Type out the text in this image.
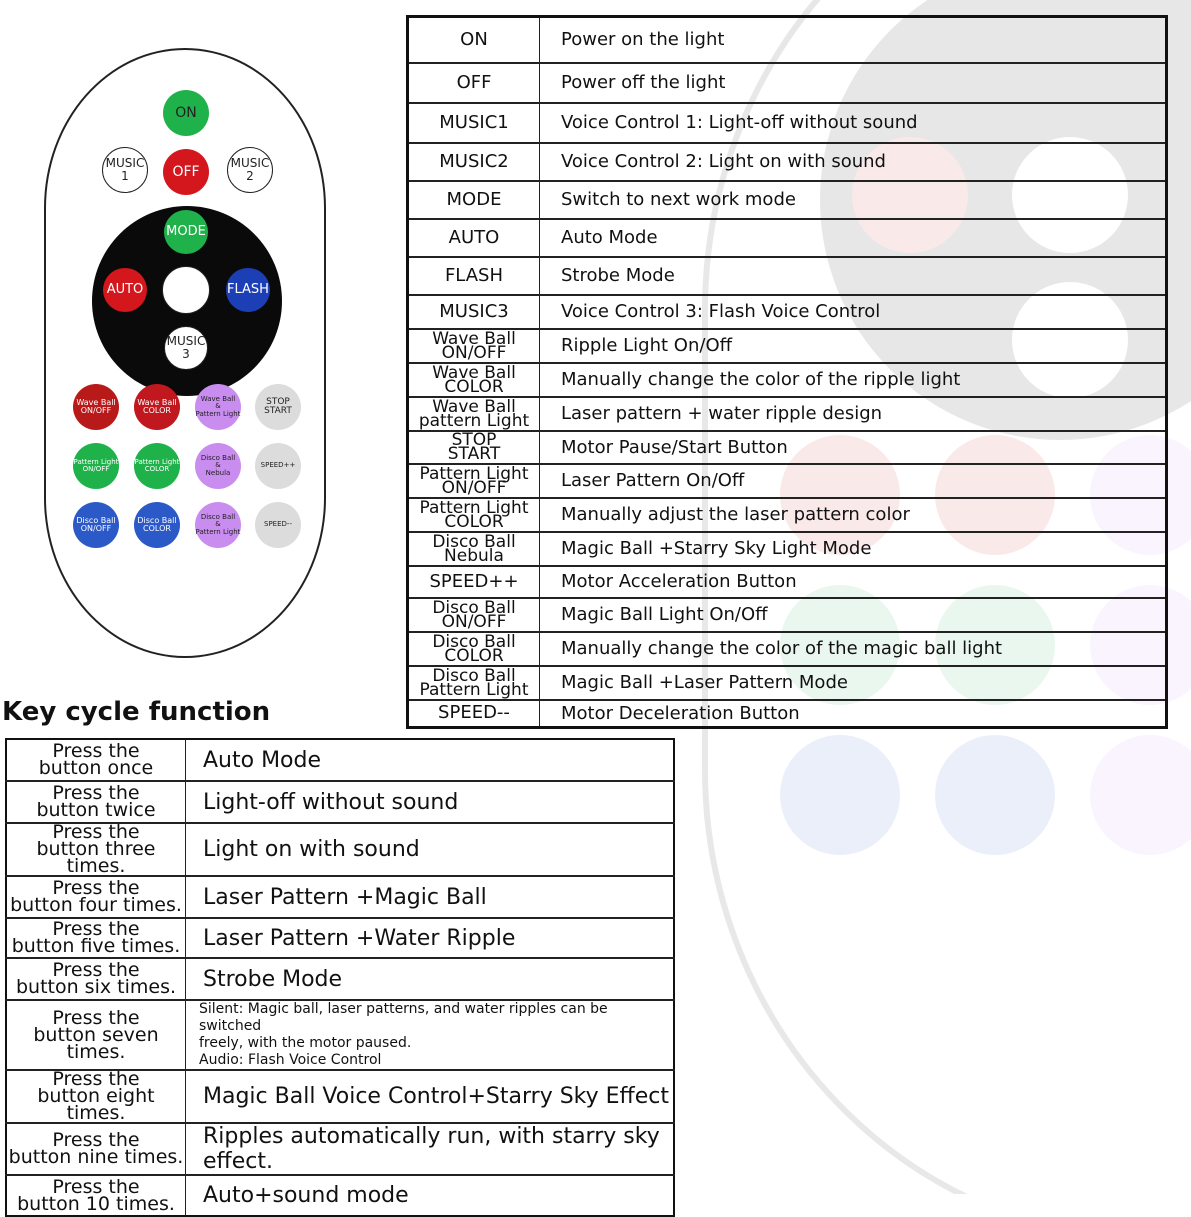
ON
OFF
MUSIC
1
MUSIC
2
MODE
AUTO	FLASH
MUSIC
3
Wave Ball
ON/OFF
Wave Ball
COLOR
Wave Ball
&
Pattern Light
STOP
START
Pattern Light
ON/OFF
Pattern Light
COLOR
Disco Ball
&
Nebula
SPEED++
Disco Ball
ON/OFF
Disco Ball
COLOR
Disco Ball
&
Pattern Light
SPEED--
ON	Power on the light
OFF	Power off the light
MUSIC1	Voice Control 1: Light-off without sound
MUSIC2	Voice Control 2: Light on with sound
MODE	Switch to next work mode
AUTO	Auto Mode
FLASH	Strobe Mode
MUSIC3	Voice Control 3: Flash Voice Control
Wave Ball
ON/OFF	Ripple Light On/Off
Wave Ball
COLOR	Manually change the color of the ripple light
Wave Ball
pattern Light	Laser pattern + water ripple design
STOP
START	Motor Pause/Start Button
Pattern Light
ON/OFF	Laser Pattern On/Off
Pattern Light
COLOR	Manually adjust the laser pattern color
Disco Ball
Nebula	Magic Ball +Starry Sky Light Mode
SPEED++	Motor Acceleration Button
Disco Ball
ON/OFF	Magic Ball Light On/Off
Disco Ball
COLOR	Manually change the color of the magic ball light
Disco Ball
Pattern Light	Magic Ball +Laser Pattern Mode
SPEED--	Motor Deceleration Button
Key cycle function
Press the
button once	Auto Mode
Press the
button twice	Light-off without sound
Press the
button three times.	Light on with sound
Press the
button four times.	Laser Pattern +Magic Ball
Press the
button five times.	Laser Pattern +Water Ripple
Press the
button six times.	Strobe Mode
Press the
button seven times.	Silent: Magic ball, laser patterns, and water ripples can be switched
freely, with the motor paused.
Audio: Flash Voice Control
Press the
button eight times.	Magic Ball Voice Control+Starry Sky Effect
Press the
button nine times.	Ripples automatically run, with starry sky effect.
Press the
button 10 times.	Auto+sound mode
